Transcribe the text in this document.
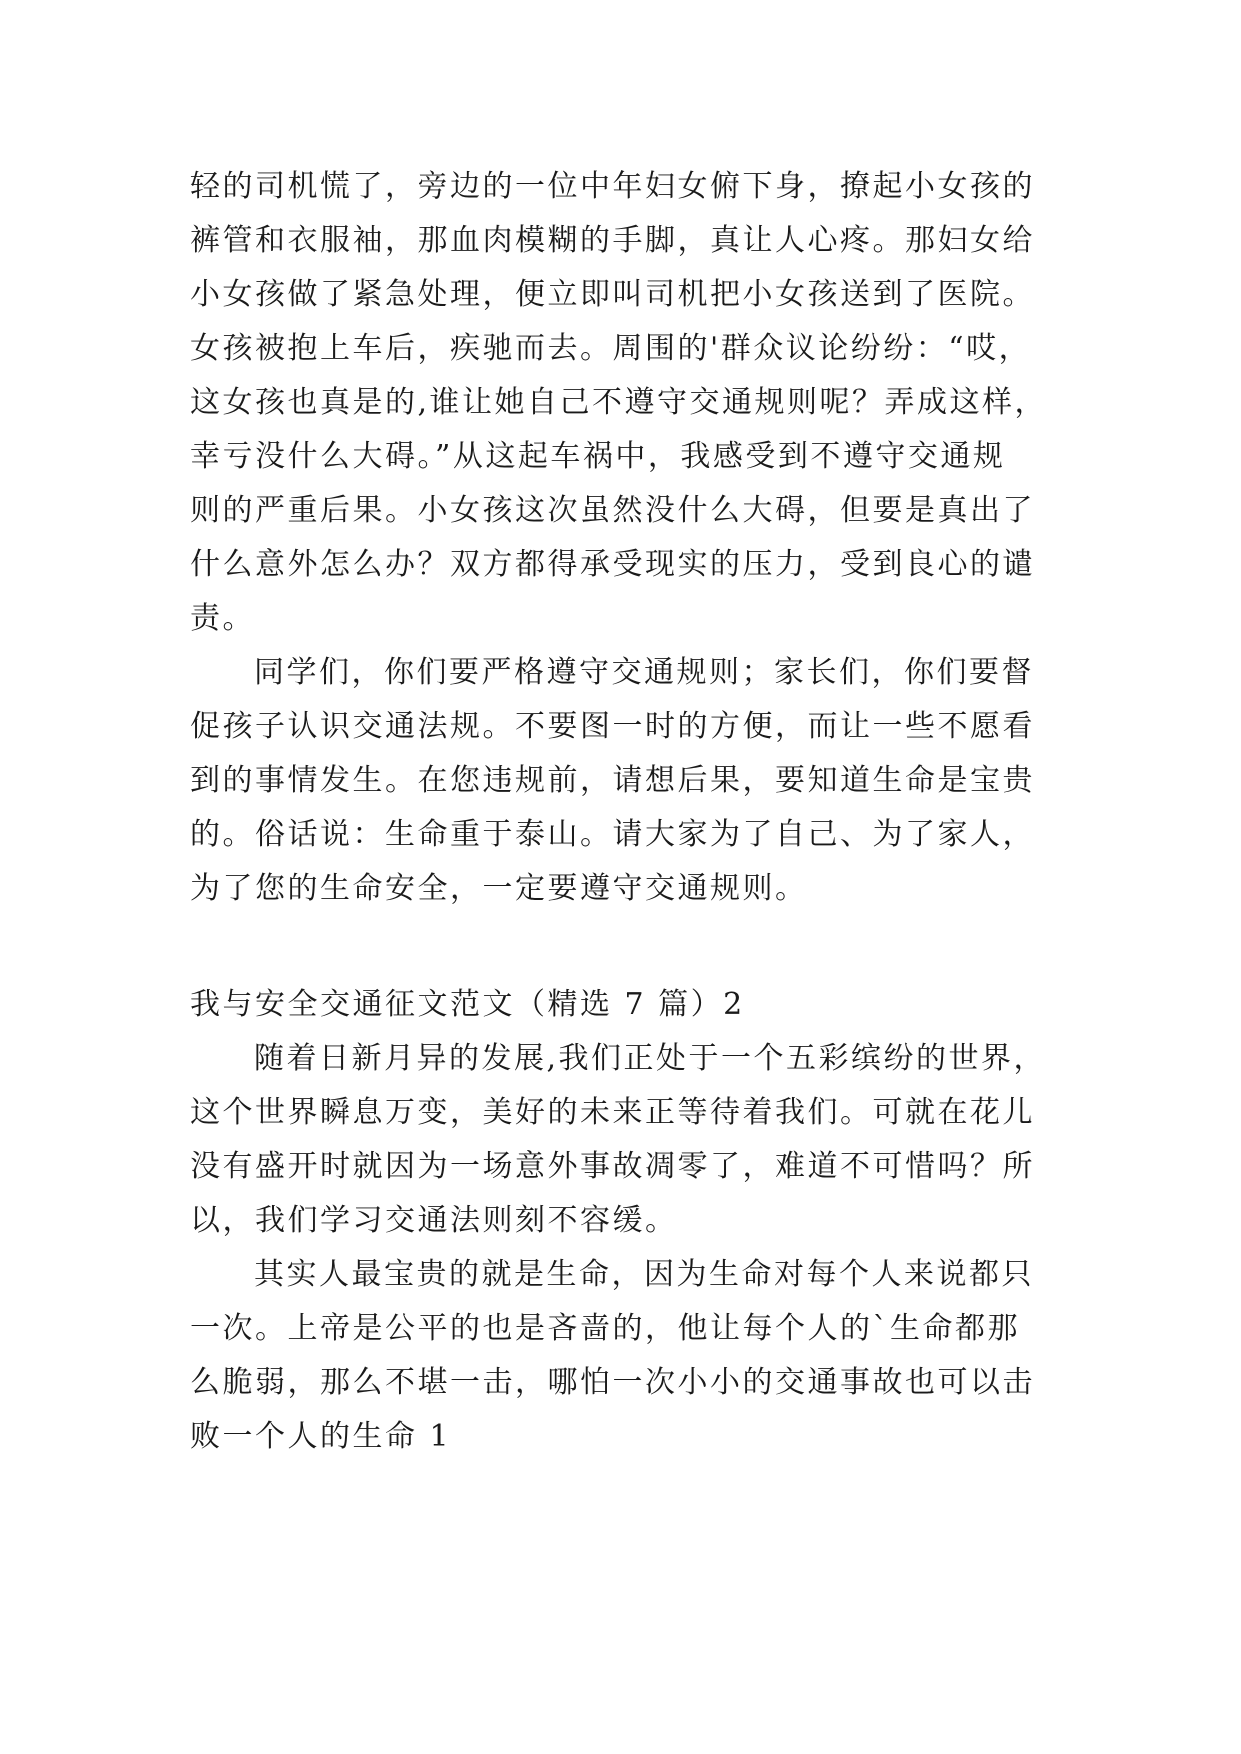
轻的司机慌了，旁边的一位中年妇女俯下身，撩起小女孩的
裤管和衣服袖，那血肉模糊的手脚，真让人心疼。那妇女给
小女孩做了紧急处理，便立即叫司机把小女孩送到了医院。
女孩被抱上车后，疾驰而去。周围的'群众议论纷纷：“哎，
这女孩也真是的,谁让她自己不遵守交通规则呢？弄成这样，
幸亏没什么大碍。”从这起车祸中，我感受到不遵守交通规
则的严重后果。小女孩这次虽然没什么大碍，但要是真出了
什么意外怎么办？双方都得承受现实的压力，受到良心的谴
责。

同学们，你们要严格遵守交通规则；家长们，你们要督
促孩子认识交通法规。不要图一时的方便，而让一些不愿看
到的事情发生。在您违规前，请想后果，要知道生命是宝贵
的。俗话说：生命重于泰山。请大家为了自己、为了家人，
为了您的生命安全，一定要遵守交通规则。

我与安全交通征文范文（精选 7 篇）2

随着日新月异的发展,我们正处于一个五彩缤纷的世界，
这个世界瞬息万变，美好的未来正等待着我们。可就在花儿
没有盛开时就因为一场意外事故凋零了，难道不可惜吗？所
以，我们学习交通法则刻不容缓。

其实人最宝贵的就是生命，因为生命对每个人来说都只
一次。上帝是公平的也是吝啬的，他让每个人的`生命都那
么脆弱，那么不堪一击，哪怕一次小小的交通事故也可以击
败一个人的生命 1
